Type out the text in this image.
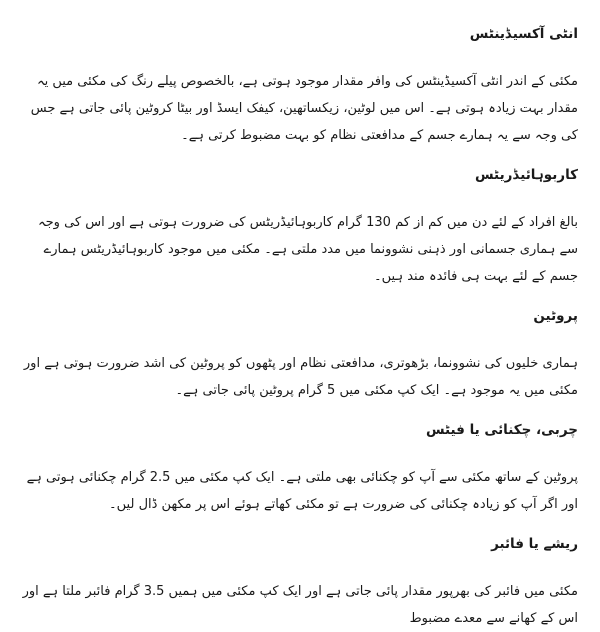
انٹی آکسیڈینٹس
مکئی کے اندر انٹی آکسیڈینٹس کی وافر مقدار موجود ہوتی ہے، بالخصوص پیلے رنگ کی مکئی میں یہ مقدار بہت زیادہ ہوتی ہے۔ اس میں لوٹین، زیکساتھین، کیفک ایسڈ اور بیٹا کروٹین پائی جاتی ہے جس کی وجہ سے یہ ہمارے جسم کے مدافعتی نظام کو بہت مضبوط کرتی ہے۔
کاربوہائیڈریٹس
بالغ افراد کے لئے دن میں کم از کم 130 گرام کاربوہائیڈریٹس کی ضرورت ہوتی ہے اور اس کی وجہ سے ہماری جسمانی اور ذہنی نشوونما میں مدد ملتی ہے۔ مکئی میں موجود کاربوہائیڈریٹس ہمارے جسم کے لئے بہت ہی فائدہ مند ہیں۔
پروٹین
ہماری خلیوں کی نشوونما، بڑھوتری، مدافعتی نظام اور پٹھوں کو پروٹین کی اشد ضرورت ہوتی ہے اور مکئی میں یہ موجود ہے۔ ایک کپ مکئی میں 5 گرام پروٹین پائی جاتی ہے۔
چربی، چکنائی یا فیٹس
پروٹین کے ساتھ مکئی سے آپ کو چکنائی بھی ملتی ہے۔ ایک کپ مکئی میں 2.5 گرام چکنائی ہوتی ہے اور اگر آپ کو زیادہ چکنائی کی ضرورت ہے تو مکئی کھاتے ہوئے اس پر مکھن ڈال لیں۔
ریشے یا فائبر
مکئی میں فائبر کی بھرپور مقدار پائی جاتی ہے اور ایک کپ مکئی میں ہمیں 3.5 گرام فائبر ملتا ہے اور اس کے کھانے سے معدے مضبوط
